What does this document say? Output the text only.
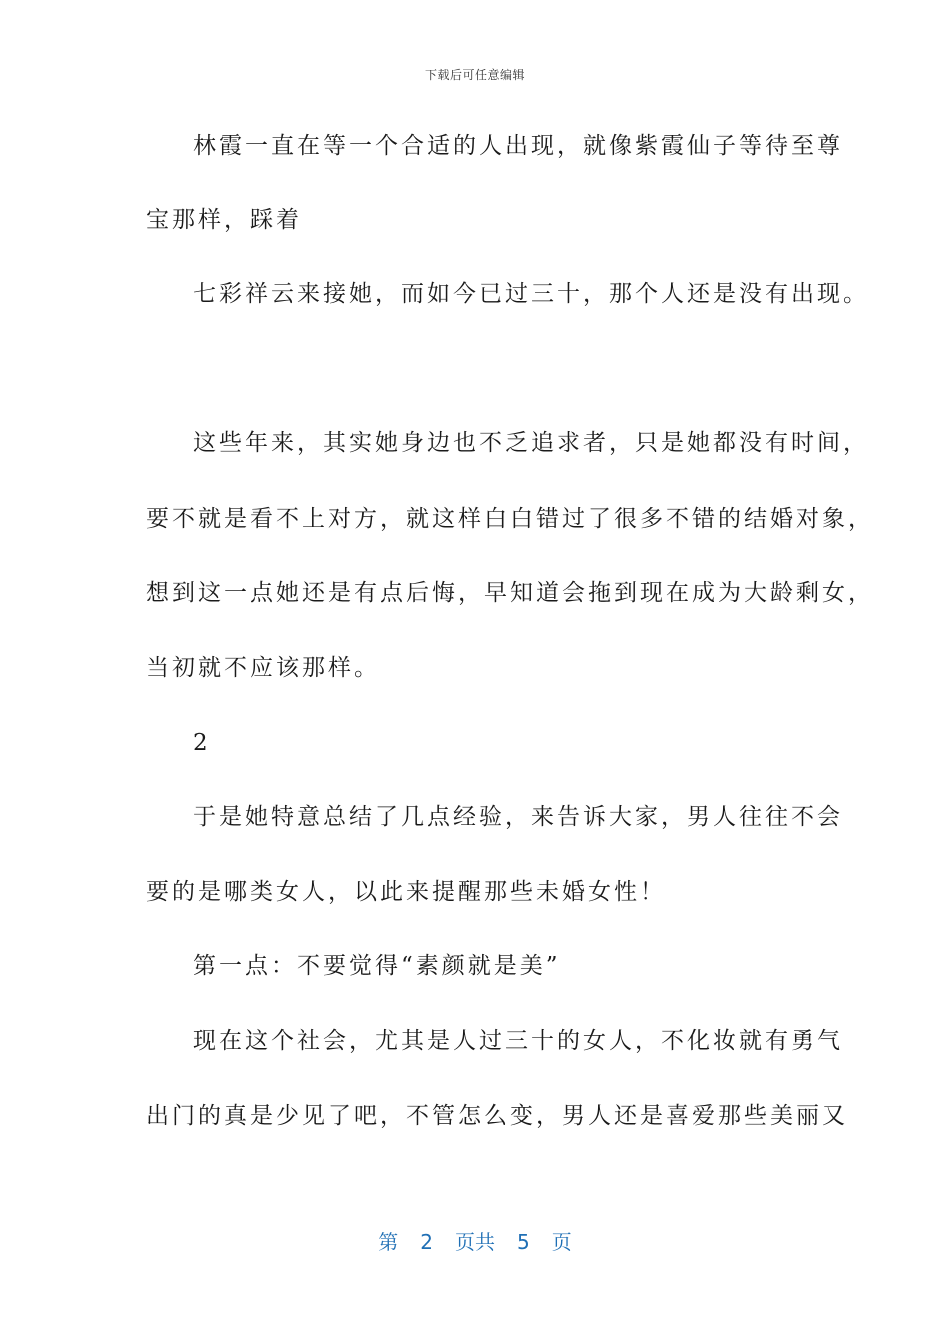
下载后可任意编辑
林霞一直在等一个合适的人出现，就像紫霞仙子等待至尊
宝那样，踩着
七彩祥云来接她，而如今已过三十，那个人还是没有出现。
这些年来，其实她身边也不乏追求者，只是她都没有时间，
要不就是看不上对方，就这样白白错过了很多不错的结婚对象，
想到这一点她还是有点后悔，早知道会拖到现在成为大龄剩女，
当初就不应该那样。
2
于是她特意总结了几点经验，来告诉大家，男人往往不会
要的是哪类女人，以此来提醒那些未婚女性！
第一点：不要觉得“素颜就是美”
现在这个社会，尤其是人过三十的女人，不化妆就有勇气
出门的真是少见了吧，不管怎么变，男人还是喜爱那些美丽又
第 2 页共 5 页
